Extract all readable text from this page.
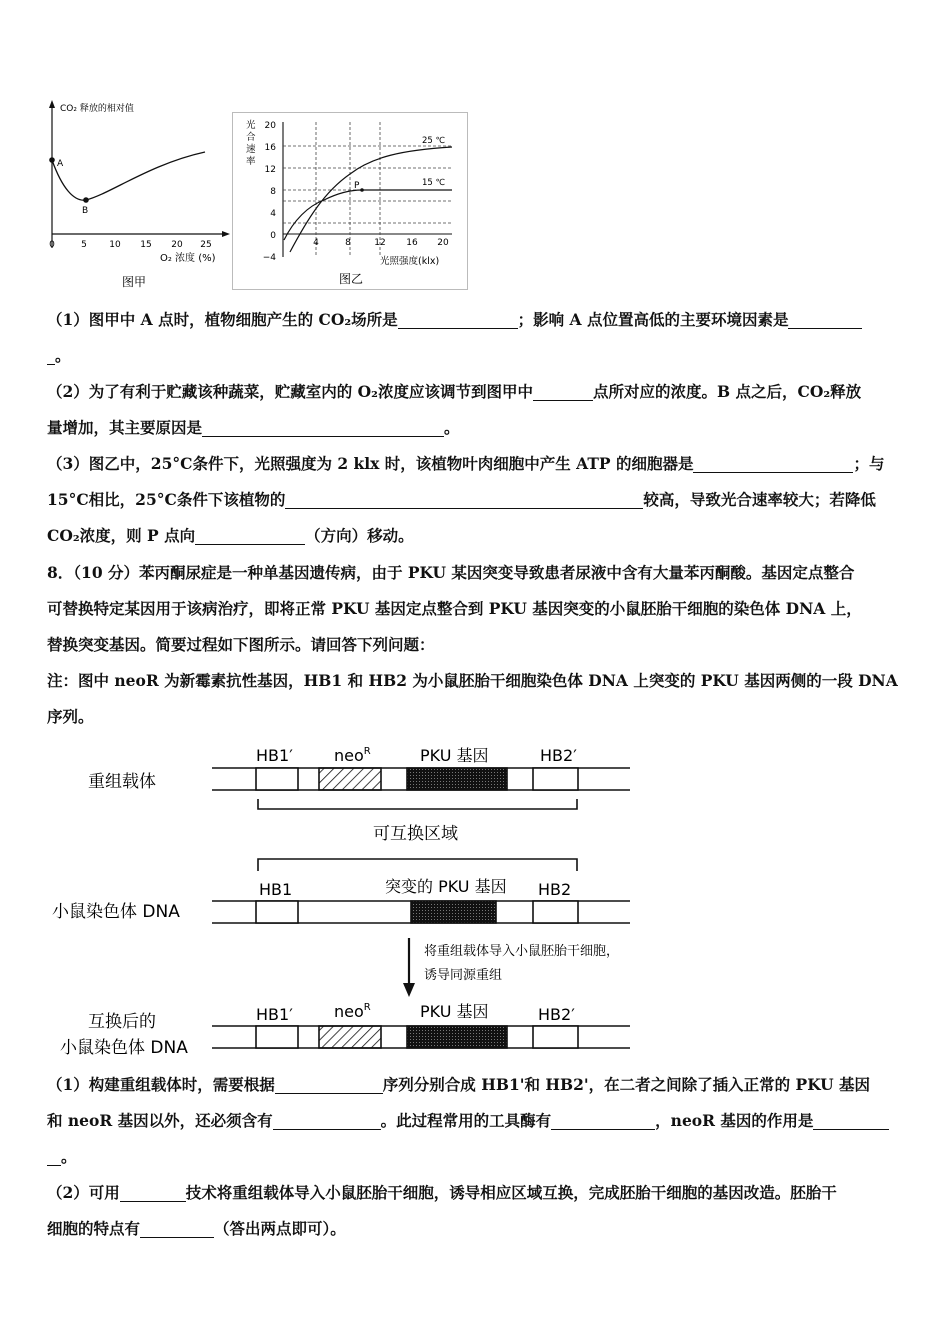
CO₂ 释放的相对值
A
B
0	5 10 15 20 25
O₂ 浓度 (%)
图甲
光
合
速
率
20
16
12
8
4
0
−4
4	8	12 16 20
P
25 ℃
15 ℃
光照强度(klx)
图乙

（1）图甲中 A 点时，植物细胞产生的 CO₂场所是	；影响 A 点位置高低的主要环境因素是
。

（2）为了有利于贮藏该种蔬菜，贮藏室内的 O₂浓度应该调节到图甲中	点所对应的浓度。B 点之后，CO₂释放
量增加，其主要原因是	。

（3）图乙中，25°C条件下，光照强度为 2 klx 时，该植物叶肉细胞中产生 ATP 的细胞器是	；与
15°C相比，25°C条件下该植物的	较高，导致光合速率较大；若降低
CO₂浓度，则 P 点向	（方向）移动。

8．（10 分）苯丙酮尿症是一种单基因遗传病，由于 PKU 某因突变导致患者尿液中含有大量苯丙酮酸。基因定点整合
可替换特定某因用于该病治疗，即将正常 PKU 基因定点整合到 PKU 基因突变的小鼠胚胎干细胞的染色体 DNA 上，
替换突变基因。简要过程如下图所示。请回答下列问题：

注：图中 neoR 为新霉素抗性基因，HB1 和 HB2 为小鼠胚胎干细胞染色体 DNA 上突变的 PKU 基因两侧的一段 DNA
序列。

重组载体
HB1′	neo$^R$	PKU 基因	HB2′
可互换区域
小鼠染色体 DNA
HB1	突变的 PKU 基因 HB2
将重组载体导入小鼠胚胎干细胞，
诱导同源重组
互换后的
小鼠染色体 DNA
HB1′	neo$^R$	PKU 基因	HB2′

（1）构建重组载体时，需要根据	序列分别合成 HB1'和 HB2'，在二者之间除了插入正常的 PKU 基因
和 neoR 基因以外，还必须含有	。此过程常用的工具酶有	，neoR 基因的作用是
。

（2）可用	技术将重组载体导入小鼠胚胎干细胞，诱导相应区域互换，完成胚胎干细胞的基因改造。胚胎干
细胞的特点有	（答出两点即可）。
